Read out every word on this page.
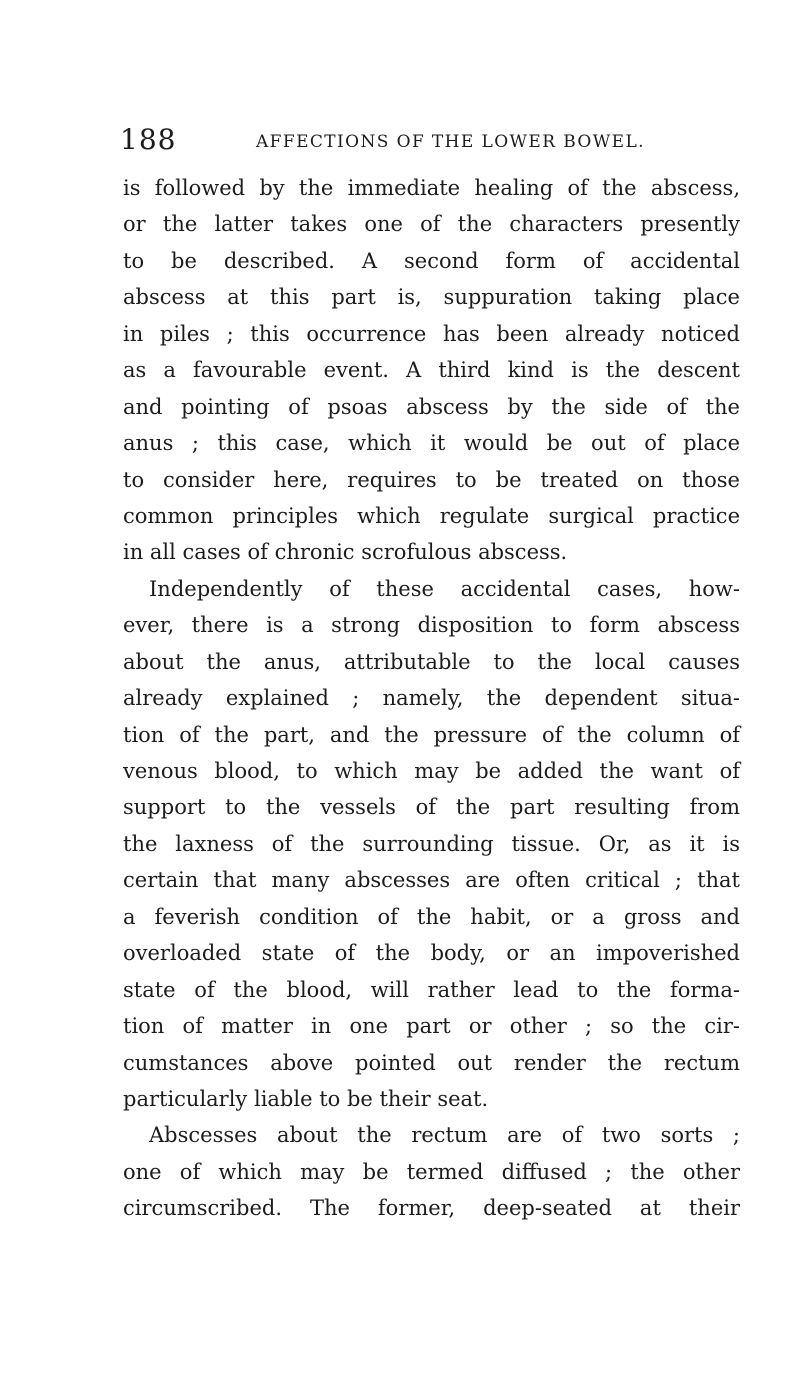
188	AFFECTIONS OF THE LOWER BOWEL.
is followed by the immediate healing of the abscess,
or the latter takes one of the characters presently
to be described. A second form of accidental
abscess at this part is, suppuration taking place
in piles ; this occurrence has been already noticed
as a favourable event. A third kind is the descent
and pointing of psoas abscess by the side of the
anus ; this case, which it would be out of place
to consider here, requires to be treated on those
common principles which regulate surgical practice
in all cases of chronic scrofulous abscess.
Independently of these accidental cases, how-
ever, there is a strong disposition to form abscess
about the anus, attributable to the local causes
already explained ; namely, the dependent situa-
tion of the part, and the pressure of the column of
venous blood, to which may be added the want of
support to the vessels of the part resulting from
the laxness of the surrounding tissue. Or, as it is
certain that many abscesses are often critical ; that
a feverish condition of the habit, or a gross and
overloaded state of the body, or an impoverished
state of the blood, will rather lead to the forma-
tion of matter in one part or other ; so the cir-
cumstances above pointed out render the rectum
particularly liable to be their seat.
Abscesses about the rectum are of two sorts ;
one of which may be termed diffused ; the other
circumscribed. The former, deep-seated at their
